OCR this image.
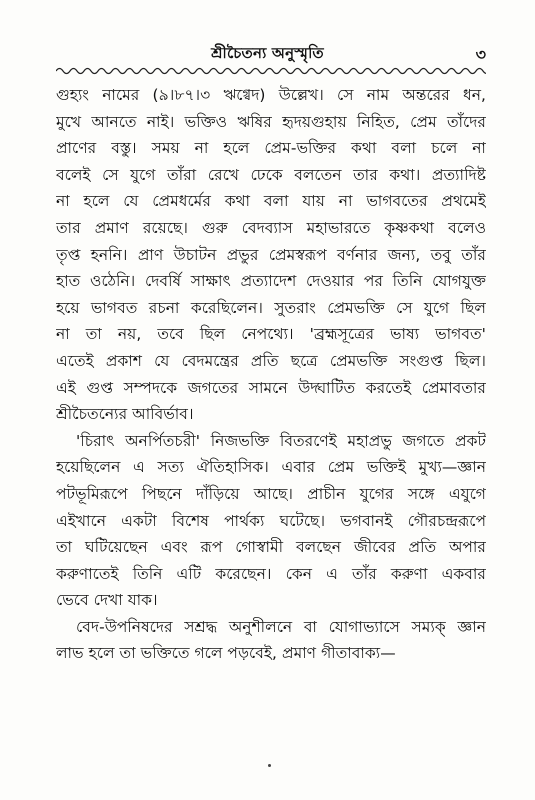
শ্রীচৈতন্য অনুস্মৃতি	৩
গুহ্যং নামের (৯।৮৭।৩ ঋগ্বেদ) উল্লেখ। সে নাম অন্তরের ধন,
মুখে আনতে নাই। ভক্তিও ঋষির হৃদয়গুহায় নিহিত, প্রেম তাঁদের
প্রাণের বস্তু। সময় না হলে প্রেম-ভক্তির কথা বলা চলে না
বলেই সে যুগে তাঁরা রেখে ঢেকে বলতেন তার কথা। প্রত্যাদিষ্ট
না হলে যে প্রেমধর্মের কথা বলা যায় না ভাগবতের প্রথমেই
তার প্রমাণ রয়েছে। গুরু বেদব্যাস মহাভারতে কৃষ্ণকথা বলেও
তৃপ্ত হননি। প্রাণ উচাটন প্রভুর প্রেমস্বরূপ বর্ণনার জন্য, তবু তাঁর
হাত ওঠেনি। দেবর্ষি সাক্ষাৎ প্রত্যাদেশ দেওয়ার পর তিনি যোগযুক্ত
হয়ে ভাগবত রচনা করেছিলেন। সুতরাং প্রেমভক্তি সে যুগে ছিল
না তা নয়, তবে ছিল নেপথ্যে। 'ব্রহ্মসূত্রের ভাষ্য ভাগবত'
এতেই প্রকাশ যে বেদমন্ত্রের প্রতি ছত্রে প্রেমভক্তি সংগুপ্ত ছিল।
এই গুপ্ত সম্পদকে জগতের সামনে উদ্ঘাটিত করতেই প্রেমাবতার
শ্রীচৈতন্যের আবির্ভাব।
'চিরাৎ অনর্পিতচরী' নিজভক্তি বিতরণেই মহাপ্রভু জগতে প্রকট
হয়েছিলেন এ সত্য ঐতিহাসিক। এবার প্রেম ভক্তিই মুখ্য—জ্ঞান
পটভূমিরূপে পিছনে দাঁড়িয়ে আছে। প্রাচীন যুগের সঙ্গে এযুগে
এইখানে একটা বিশেষ পার্থক্য ঘটেছে। ভগবানই গৌরচন্দ্ররূপে
তা ঘটিয়েছেন এবং রূপ গোস্বামী বলছেন জীবের প্রতি অপার
করুণাতেই তিনি এটি করেছেন। কেন এ তাঁর করুণা একবার
ভেবে দেখা যাক।
বেদ-উপনিষদের সশ্রদ্ধ অনুশীলনে বা যোগাভ্যাসে সম্যক্ জ্ঞান
লাভ হলে তা ভক্তিতে গলে পড়বেই, প্রমাণ গীতাবাক্য—
